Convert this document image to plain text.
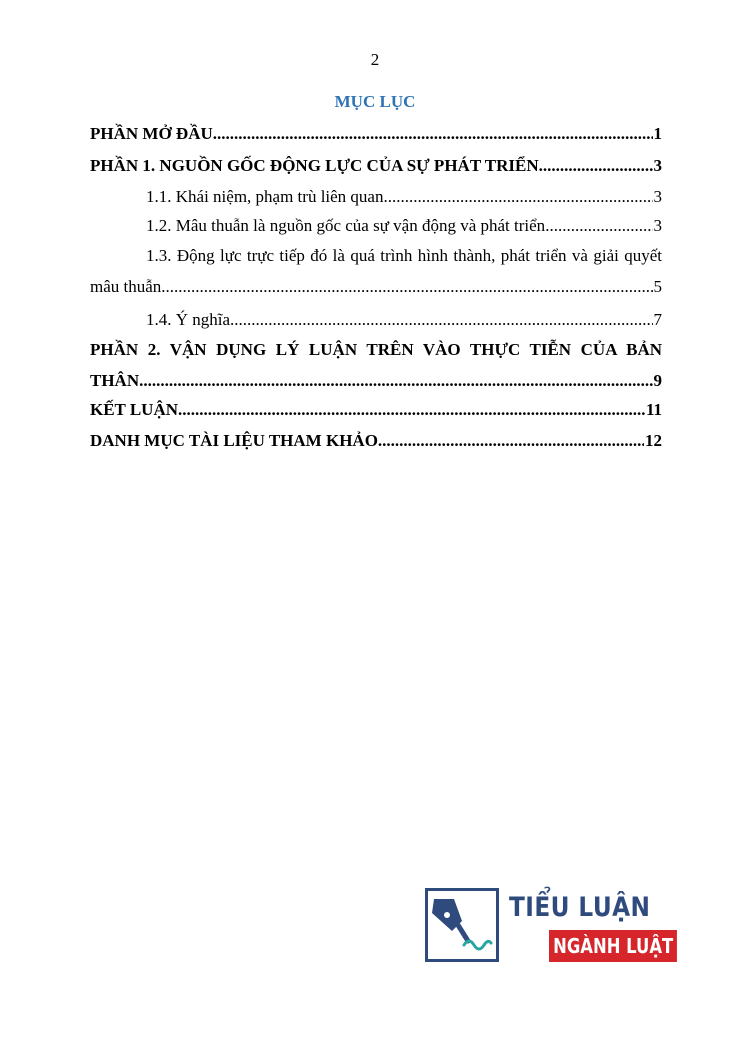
2
MỤC LỤC
PHẦN MỞ ĐẦU .....	1
PHẦN 1. NGUỒN GỐC ĐỘNG LỰC CỦA SỰ PHÁT TRIỂN .....	3
1.1. Khái niệm, phạm trù liên quan .....	3
1.2. Mâu thuẫn là nguồn gốc của sự vận động và phát triển .....	3
1.3. Động lực trực tiếp đó là quá trình hình thành, phát triển và giải quyết
mâu thuẫn .....	5
1.4. Ý nghĩa .....	7
PHẦN 2. VẬN DỤNG LÝ LUẬN TRÊN VÀO THỰC TIỄN CỦA BẢN
THÂN .....	9
KẾT LUẬN .....	11
DANH MỤC TÀI LIỆU THAM KHẢO .....	12
TIỂU LUẬN
NGÀNH LUẬT
